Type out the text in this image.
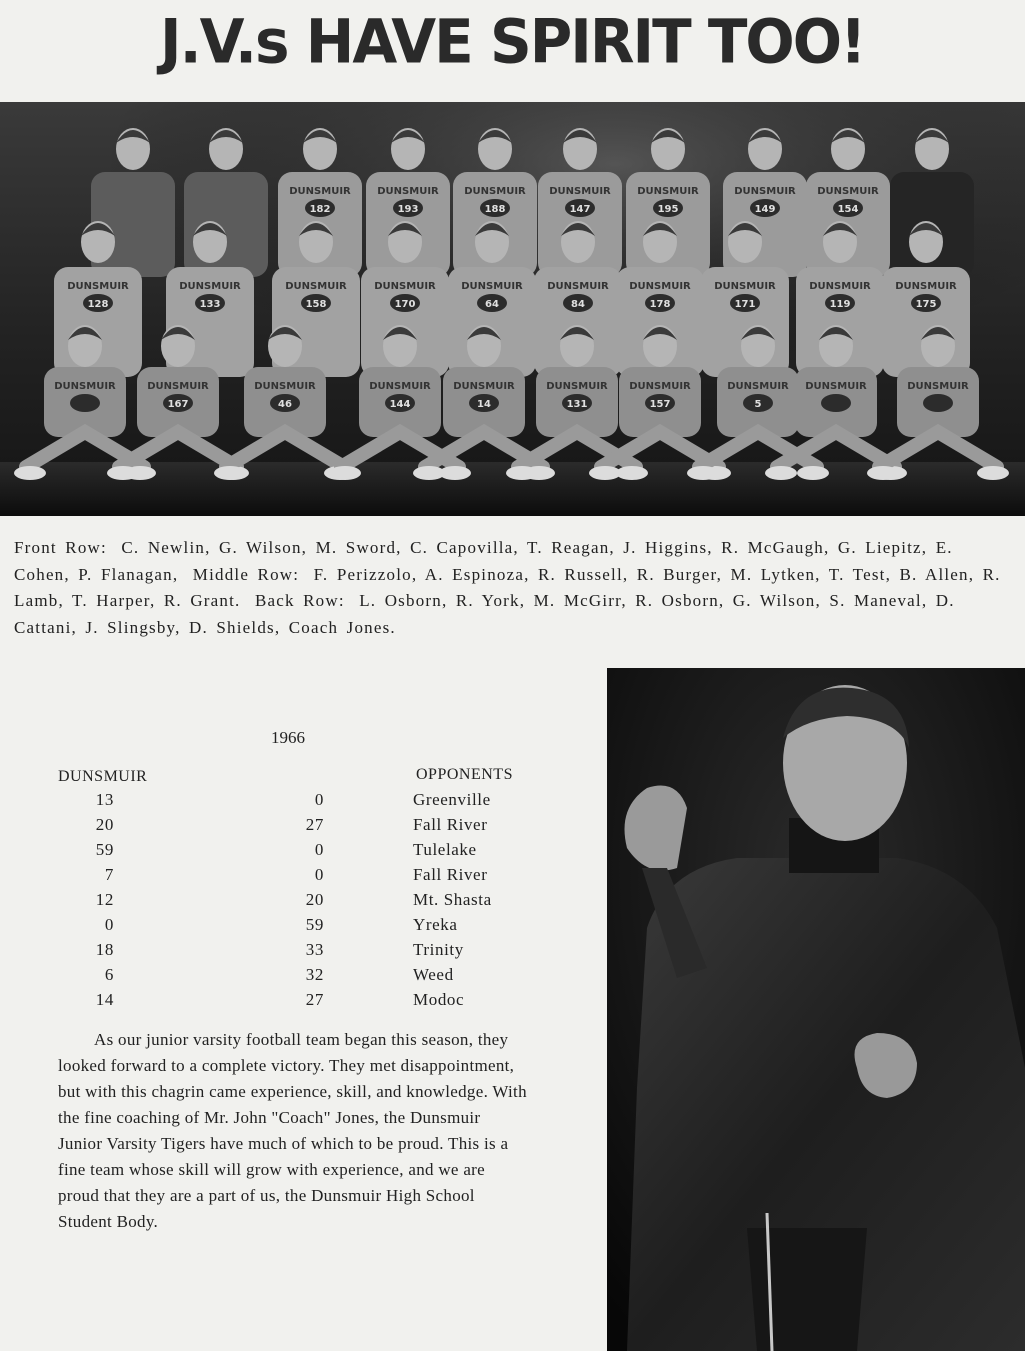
J.V.s HAVE SPIRIT TOO!
DUNSMUIR
182
DUNSMUIR
193
DUNSMUIR
188
DUNSMUIR
147
DUNSMUIR
195
DUNSMUIR
149
DUNSMUIR
154
DUNSMUIR
128
DUNSMUIR
133
DUNSMUIR
158
DUNSMUIR
170
DUNSMUIR
64
DUNSMUIR
84
DUNSMUIR
178
DUNSMUIR
171
DUNSMUIR
119
DUNSMUIR
175
DUNSMUIR	DUNSMUIR
167
DUNSMUIR
46
DUNSMUIR
144
DUNSMUIR
14
DUNSMUIR
131
DUNSMUIR
157
DUNSMUIR
5
DUNSMUIR	DUNSMUIR
Front Row: C. Newlin, G. Wilson, M. Sword, C. Capovilla, T. Reagan, J. Higgins, R. McGaugh, G. Liepitz, E. Cohen, P. Flanagan, Middle Row: F. Perizzolo, A. Espinoza, R. Russell, R. Burger, M. Lytken, T. Test, B. Allen, R. Lamb, T. Harper, R. Grant. Back Row: L. Osborn, R. York, M. McGirr, R. Osborn, G. Wilson, S. Maneval, D. Cattani, J. Slingsby, D. Shields, Coach Jones.
1966
DUNSMUIR	OPPONENTS
13	0	Greenville
20	27	Fall River
59	0	Tulelake
7	0	Fall River
12	20	Mt. Shasta
0	59	Yreka
18	33	Trinity
6	32	Weed
14	27	Modoc

As our junior varsity football team began this season, they looked forward to a complete victory. They met disappointment, but with this chagrin came experience, skill, and knowledge. With the fine coaching of Mr. John "Coach" Jones, the Dunsmuir Junior Varsity Tigers have much of which to be proud. This is a fine team whose skill will grow with experience, and we are proud that they are a part of us, the Dunsmuir High School Student Body.
